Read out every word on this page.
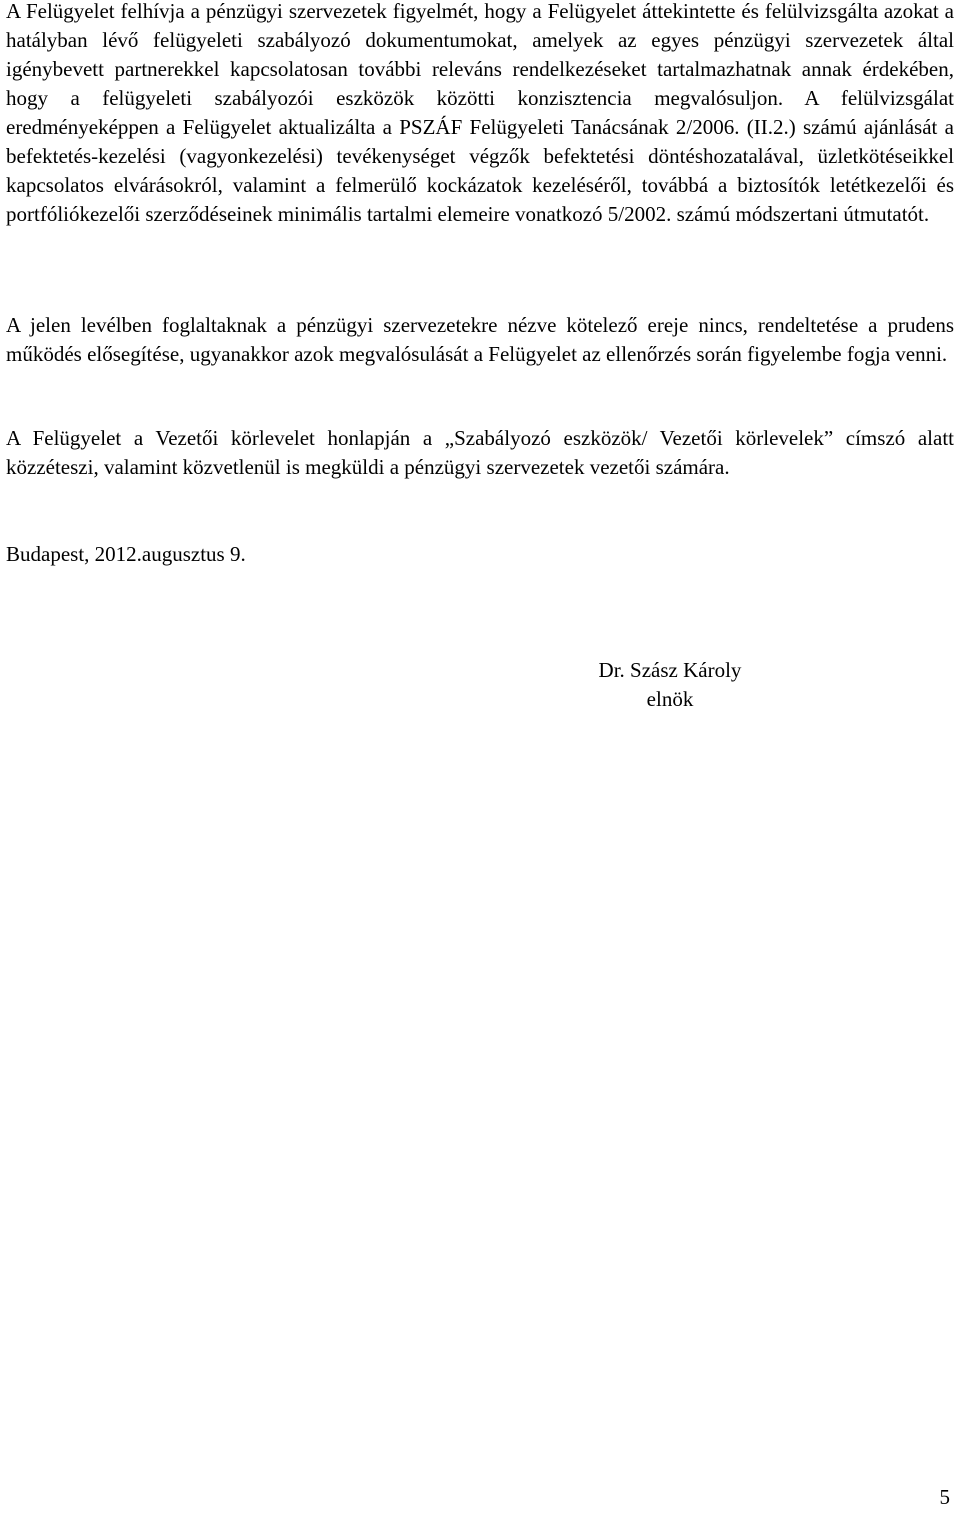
A Felügyelet felhívja a pénzügyi szervezetek figyelmét, hogy a Felügyelet áttekintette és felülvizsgálta azokat a hatályban lévő felügyeleti szabályozó dokumentumokat, amelyek az egyes pénzügyi szervezetek által igénybevett partnerekkel kapcsolatosan további releváns rendelkezéseket tartalmazhatnak annak érdekében, hogy a felügyeleti szabályozói eszközök közötti konzisztencia megvalósuljon. A felülvizsgálat eredményeképpen a Felügyelet aktualizálta a PSZÁF Felügyeleti Tanácsának 2/2006. (II.2.) számú ajánlását a befektetés-kezelési (vagyonkezelési) tevékenységet végzők befektetési döntéshozatalával, üzletkötéseikkel kapcsolatos elvárásokról, valamint a felmerülő kockázatok kezeléséről, továbbá a biztosítók letétkezelői és portfóliókezelői szerződéseinek minimális tartalmi elemeire vonatkozó 5/2002. számú módszertani útmutatót.

A jelen levélben foglaltaknak a pénzügyi szervezetekre nézve kötelező ereje nincs, rendeltetése a prudens működés elősegítése, ugyanakkor azok megvalósulását a Felügyelet az ellenőrzés során figyelembe fogja venni.

A Felügyelet a Vezetői körlevelet honlapján a „Szabályozó eszközök/ Vezetői körlevelek” címszó alatt közzéteszi, valamint közvetlenül is megküldi a pénzügyi szervezetek vezetői számára.

Budapest, 2012.augusztus 9.

Dr. Szász Károly
elnök
5
